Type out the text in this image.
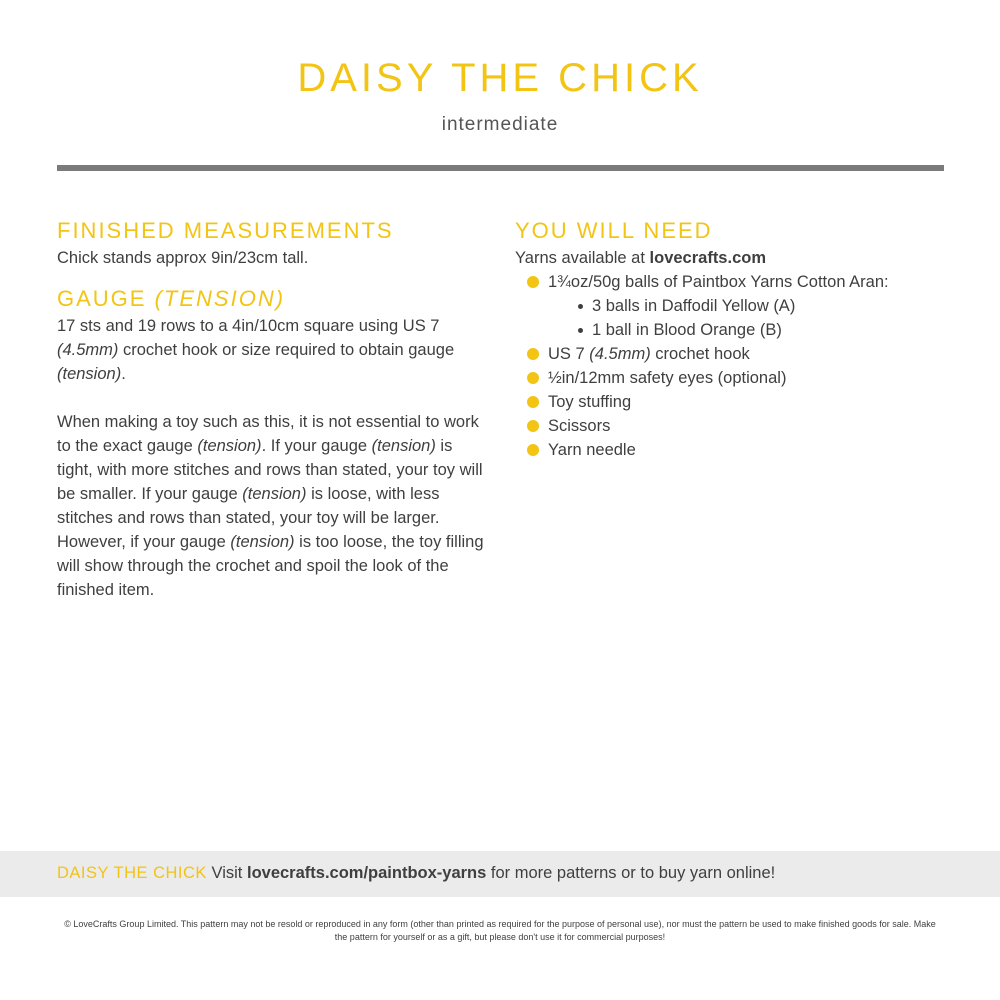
DAISY THE CHICK
intermediate
FINISHED MEASUREMENTS

Chick stands approx 9in/23cm tall.

GAUGE (TENSION)

17 sts and 19 rows to a 4in/10cm square using US 7 (4.5mm) crochet hook or size required to obtain gauge (tension).

When making a toy such as this, it is not essential to work to the exact gauge (tension). If your gauge (tension) is tight, with more stitches and rows than stated, your toy will be smaller. If your gauge (tension) is loose, with less stitches and rows than stated, your toy will be larger. However, if your gauge (tension) is too loose, the toy filling will show through the crochet and spoil the look of the finished item.

YOU WILL NEED

Yarns available at lovecrafts.com

1¾oz/50g balls of Paintbox Yarns Cotton Aran:
3 balls in Daffodil Yellow (A)
1 ball in Blood Orange (B)
US 7 (4.5mm) crochet hook
½in/12mm safety eyes (optional)
Toy stuffing
Scissors
Yarn needle
DAISY THE CHICK Visit lovecrafts.com/paintbox-yarns for more patterns or to buy yarn online!
© LoveCrafts Group Limited. This pattern may not be resold or reproduced in any form (other than printed as required for the purpose of personal use), nor must the pattern be used to make finished goods for sale. Make the pattern for yourself or as a gift, but please don't use it for commercial purposes!
